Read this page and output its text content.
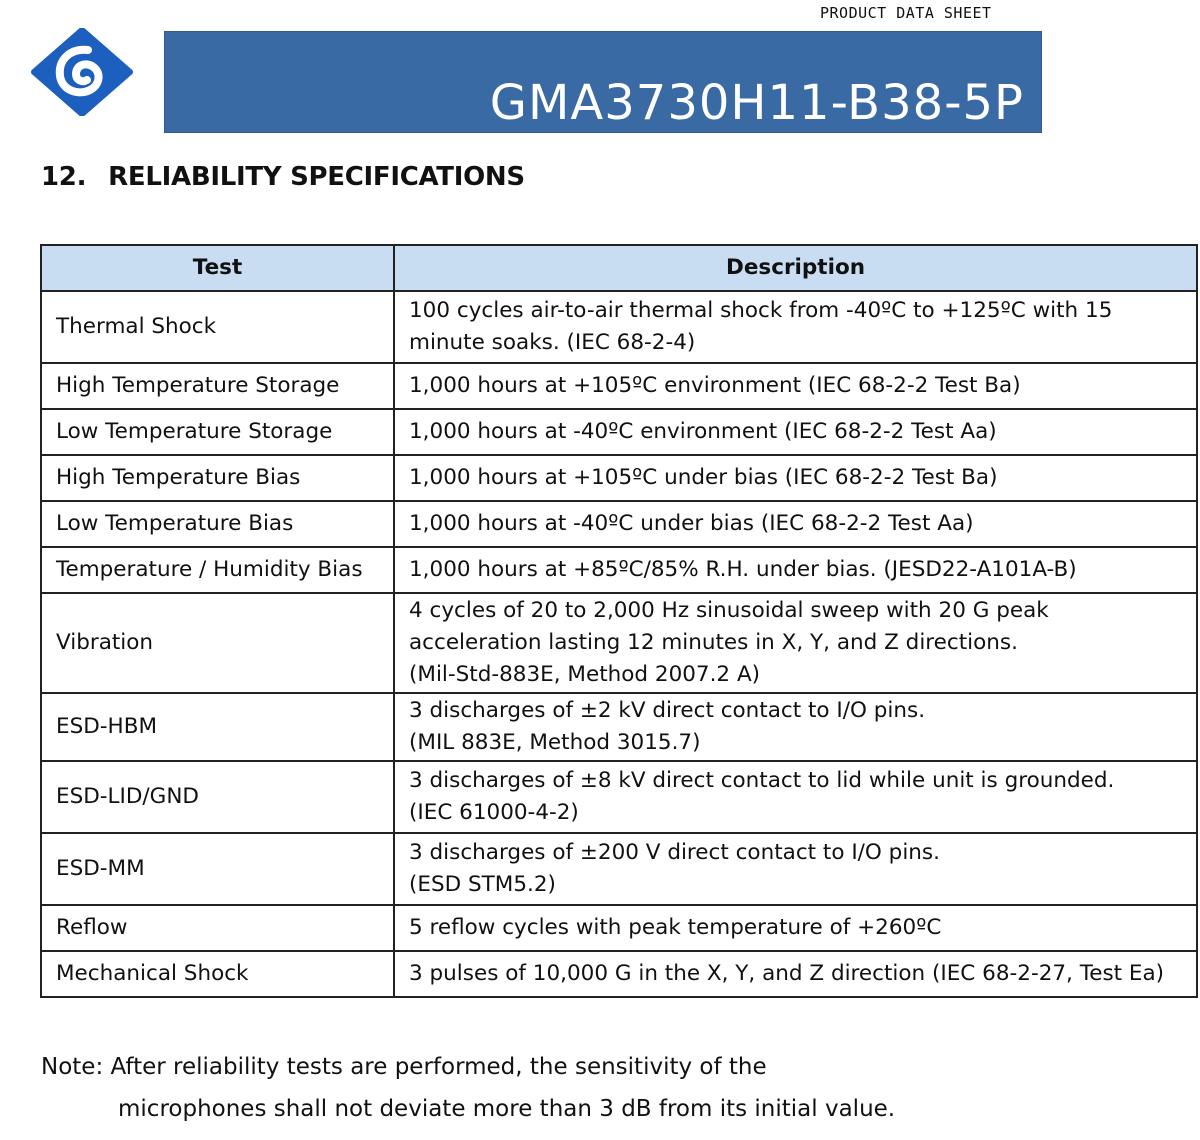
PRODUCT DATA SHEET
GMA3730H11-B38-5P
12. RELIABILITY SPECIFICATIONS
Test	Description
Thermal Shock	100 cycles air-to-air thermal shock from -40ºC to +125ºC with 15 minute soaks. (IEC 68-2-4)

High Temperature Storage	1,000 hours at +105ºC environment (IEC 68-2-2 Test Ba)

Low Temperature Storage	1,000 hours at -40ºC environment (IEC 68-2-2 Test Aa)

High Temperature Bias	1,000 hours at +105ºC under bias (IEC 68-2-2 Test Ba)

Low Temperature Bias	1,000 hours at -40ºC under bias (IEC 68-2-2 Test Aa)

Temperature / Humidity Bias	1,000 hours at +85ºC/85% R.H. under bias. (JESD22-A101A-B)

Vibration	4 cycles of 20 to 2,000 Hz sinusoidal sweep with 20 G peak acceleration lasting 12 minutes in X, Y, and Z directions.
(Mil-Std-883E, Method 2007.2 A)

ESD-HBM	3 discharges of ±2 kV direct contact to I/O pins.
(MIL 883E, Method 3015.7)

ESD-LID/GND	3 discharges of ±8 kV direct contact to lid while unit is grounded.
(IEC 61000-4-2)

ESD-MM	3 discharges of ±200 V direct contact to I/O pins.
(ESD STM5.2)

Reflow	5 reflow cycles with peak temperature of +260ºC

Mechanical Shock	3 pulses of 10,000 G in the X, Y, and Z direction (IEC 68-2-27, Test Ea)
Note: After reliability tests are performed, the sensitivity of the
microphones shall not deviate more than 3 dB from its initial value.
